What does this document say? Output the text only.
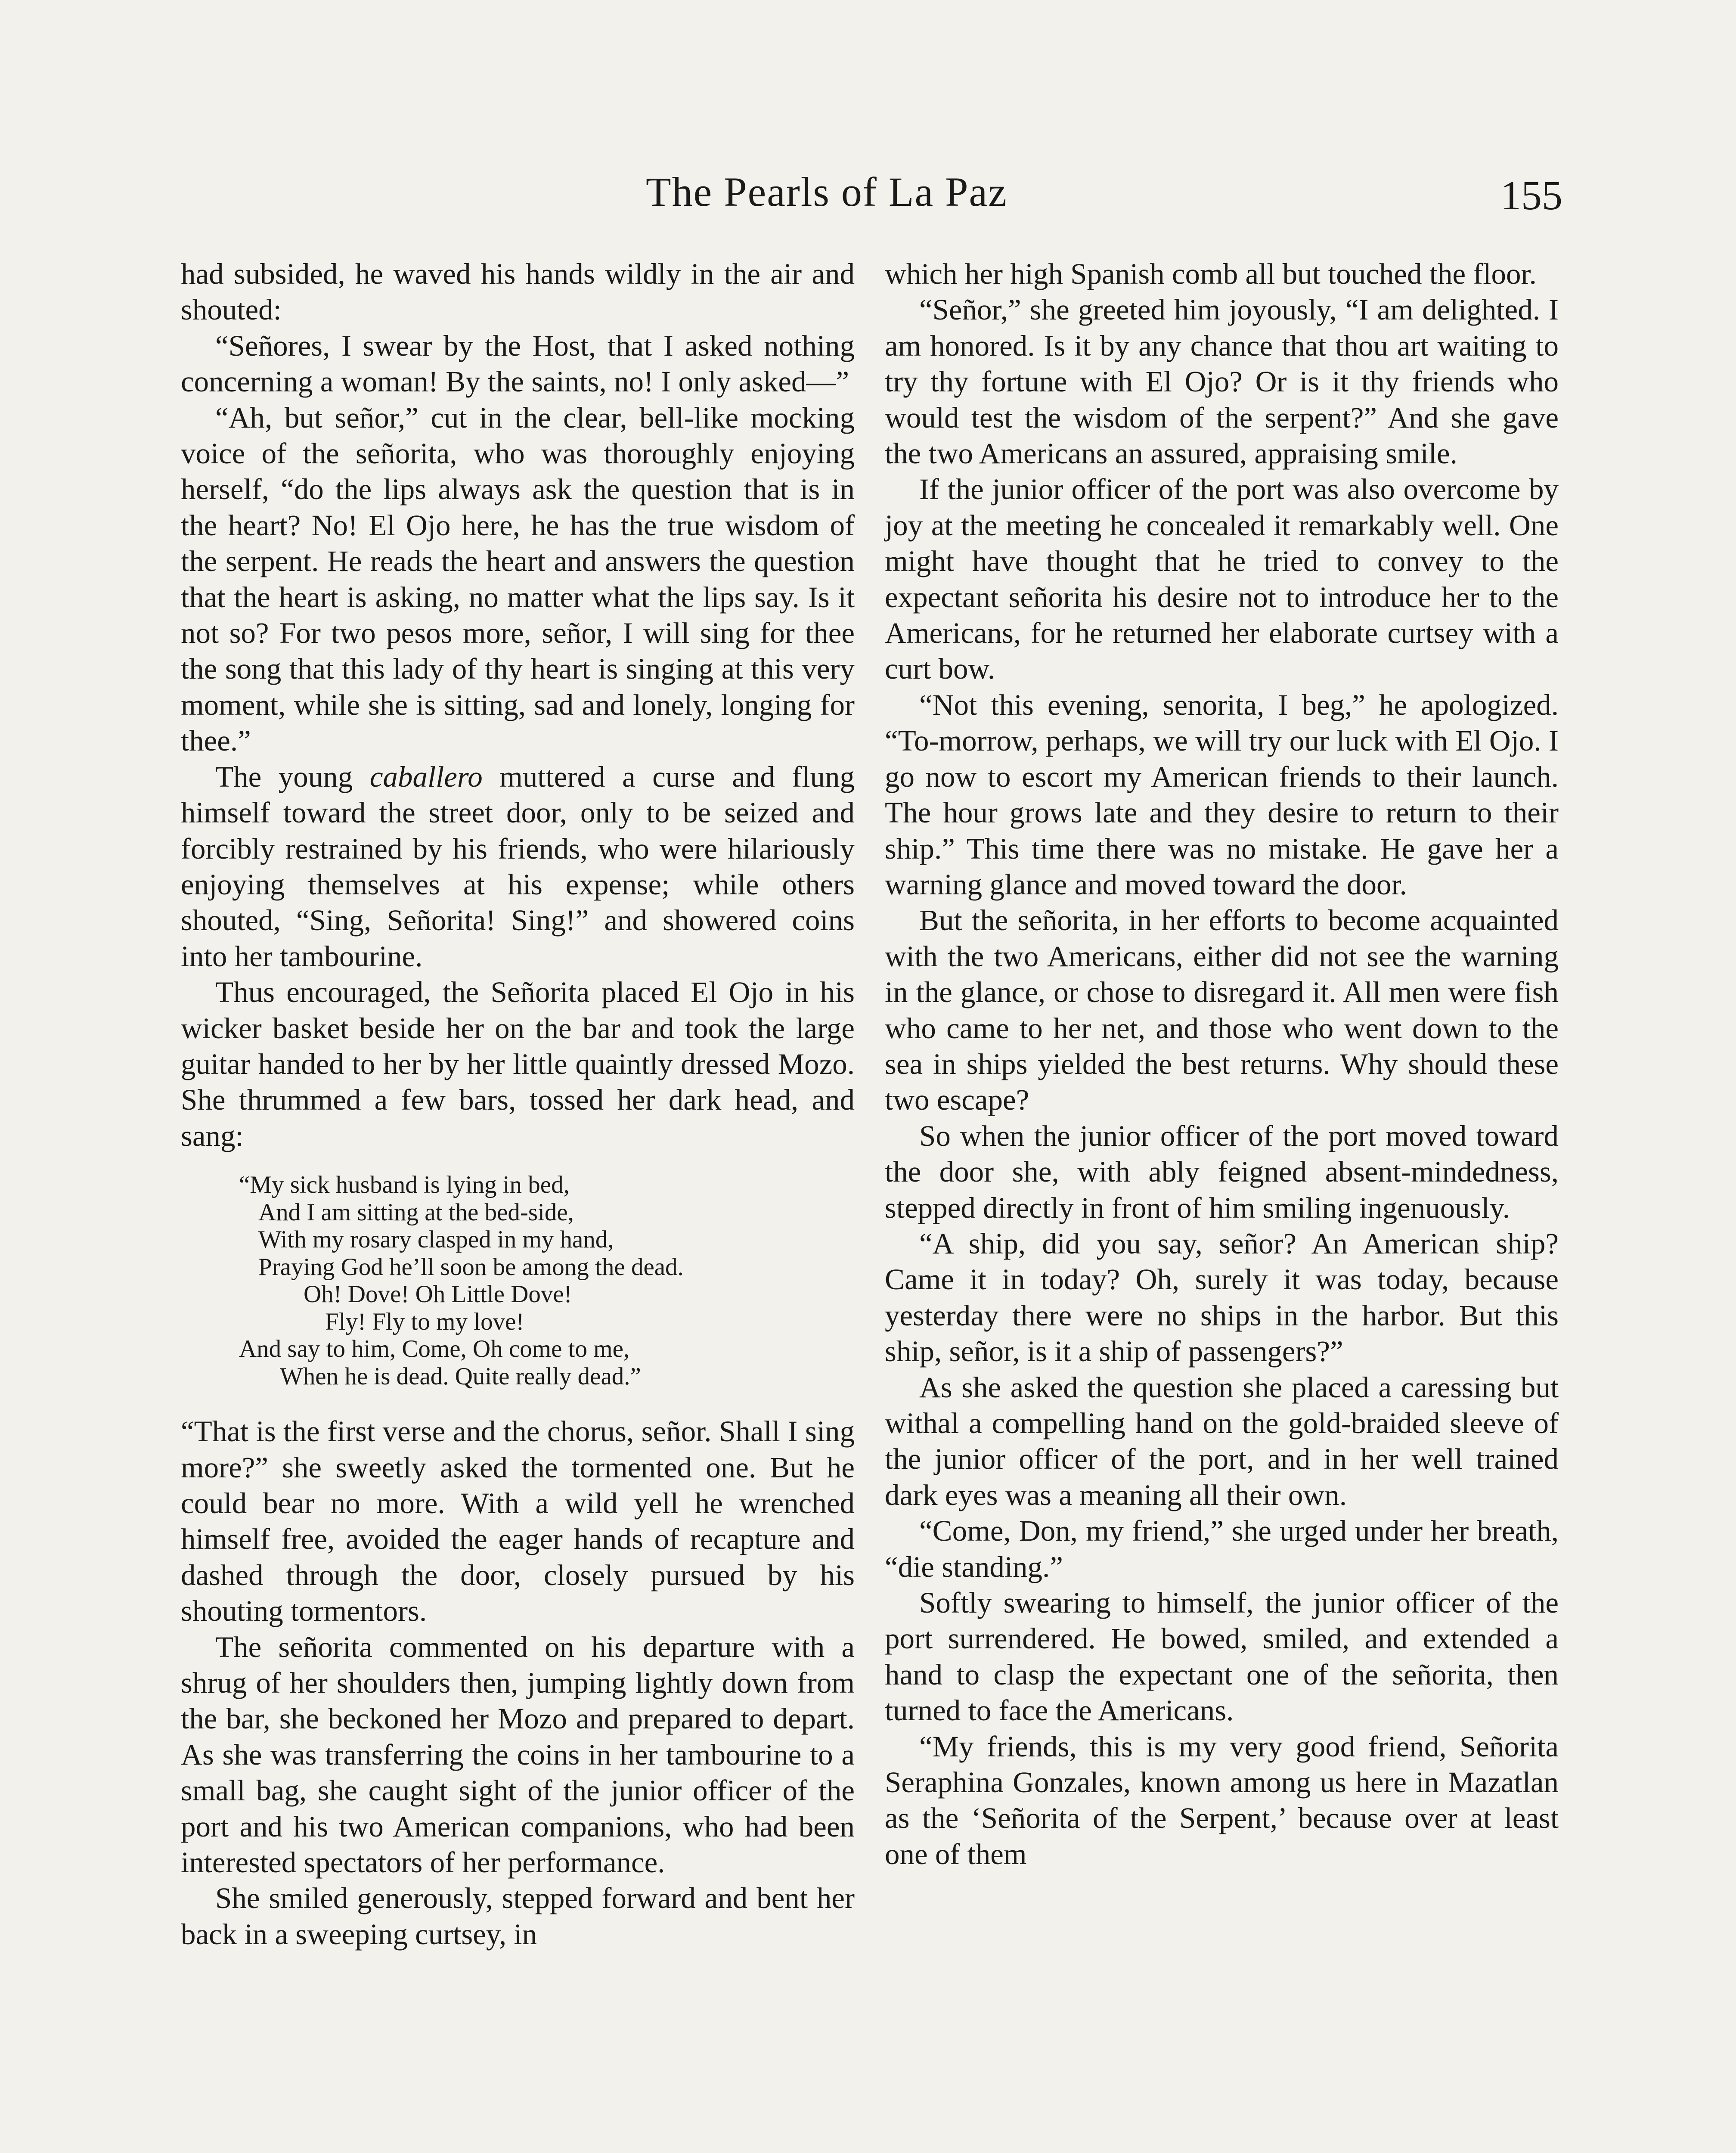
The Pearls of La Paz	155

had subsided, he waved his hands wildly in the air and shouted:

“Señores, I swear by the Host, that I asked nothing concerning a woman! By the saints, no! I only asked—”

“Ah, but señor,” cut in the clear, bell-like mocking voice of the señorita, who was thoroughly enjoying herself, “do the lips always ask the question that is in the heart? No! El Ojo here, he has the true wisdom of the serpent. He reads the heart and answers the question that the heart is asking, no matter what the lips say. Is it not so? For two pesos more, señor, I will sing for thee the song that this lady of thy heart is singing at this very moment, while she is sitting, sad and lonely, longing for thee.”

The young caballero muttered a curse and flung himself toward the street door, only to be seized and forcibly restrained by his friends, who were hilariously enjoying themselves at his expense; while others shouted, “Sing, Señorita! Sing!” and showered coins into her tambourine.

Thus encouraged, the Señorita placed El Ojo in his wicker basket beside her on the bar and took the large guitar handed to her by her little quaintly dressed Mozo. She thrummed a few bars, tossed her dark head, and sang:

“My sick husband is lying in bed,
And I am sitting at the bed-side,
With my rosary clasped in my hand,
Praying God he’ll soon be among the dead.
Oh! Dove! Oh Little Dove!
Fly! Fly to my love!
And say to him, Come, Oh come to me,
When he is dead. Quite really dead.”

“That is the first verse and the chorus, señor. Shall I sing more?” she sweetly asked the tormented one. But he could bear no more. With a wild yell he wrenched himself free, avoided the eager hands of recapture and dashed through the door, closely pursued by his shouting tormentors.

The señorita commented on his departure with a shrug of her shoulders then, jumping lightly down from the bar, she beckoned her Mozo and prepared to depart. As she was transferring the coins in her tambourine to a small bag, she caught sight of the junior officer of the port and his two American companions, who had been interested spectators of her performance.

She smiled generously, stepped forward and bent her back in a sweeping curtsey, in

which her high Spanish comb all but touched the floor.

“Señor,” she greeted him joyously, “I am delighted. I am honored. Is it by any chance that thou art waiting to try thy fortune with El Ojo? Or is it thy friends who would test the wisdom of the serpent?” And she gave the two Americans an assured, appraising smile.

If the junior officer of the port was also overcome by joy at the meeting he concealed it remarkably well. One might have thought that he tried to convey to the expectant señorita his desire not to introduce her to the Americans, for he returned her elaborate curtsey with a curt bow.

“Not this evening, senorita, I beg,” he apologized. “To-morrow, perhaps, we will try our luck with El Ojo. I go now to escort my American friends to their launch. The hour grows late and they desire to return to their ship.” This time there was no mistake. He gave her a warning glance and moved toward the door.

But the señorita, in her efforts to become acquainted with the two Americans, either did not see the warning in the glance, or chose to disregard it. All men were fish who came to her net, and those who went down to the sea in ships yielded the best returns. Why should these two escape?

So when the junior officer of the port moved toward the door she, with ably feigned absent-mindedness, stepped directly in front of him smiling ingenuously.

“A ship, did you say, señor? An American ship? Came it in today? Oh, surely it was today, because yesterday there were no ships in the harbor. But this ship, señor, is it a ship of passengers?”

As she asked the question she placed a caressing but withal a compelling hand on the gold-braided sleeve of the junior officer of the port, and in her well trained dark eyes was a meaning all their own.

“Come, Don, my friend,” she urged under her breath, “die standing.”

Softly swearing to himself, the junior officer of the port surrendered. He bowed, smiled, and extended a hand to clasp the expectant one of the señorita, then turned to face the Americans.

“My friends, this is my very good friend, Señorita Seraphina Gonzales, known among us here in Mazatlan as the ‘Señorita of the Serpent,’ because over at least one of them
